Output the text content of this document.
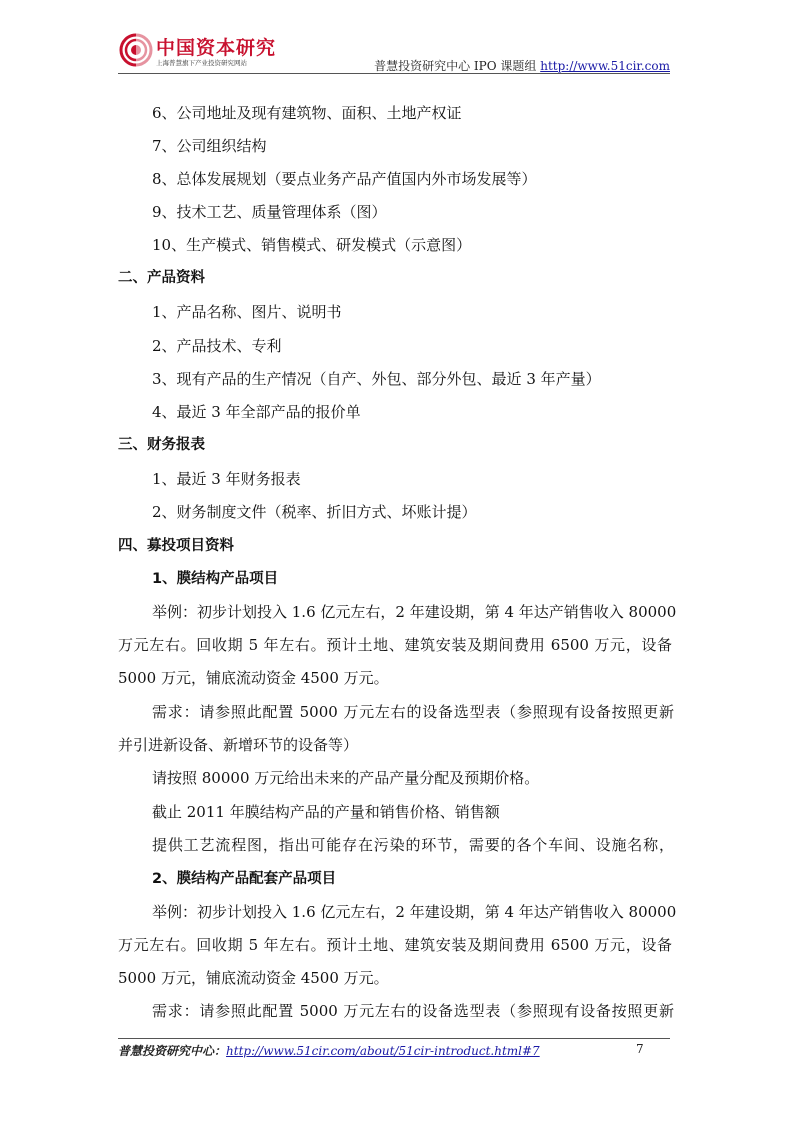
中国资本研究
上海普慧旗下产业投资研究网站	普慧投资研究中心 IPO 课题组 http://www.51cir.com
6、公司地址及现有建筑物、面积、土地产权证
7、公司组织结构
8、总体发展规划（要点业务产品产值国内外市场发展等）
9、技术工艺、质量管理体系（图）
10、生产模式、销售模式、研发模式（示意图）
二、产品资料
1、产品名称、图片、说明书
2、产品技术、专利
3、现有产品的生产情况（自产、外包、部分外包、最近 3 年产量）
4、最近 3 年全部产品的报价单
三、财务报表
1、最近 3 年财务报表
2、财务制度文件（税率、折旧方式、坏账计提）
四、募投项目资料
1、膜结构产品项目
举例：初步计划投入 1.6 亿元左右，2 年建设期，第 4 年达产销售收入 80000
万元左右。回收期 5 年左右。预计土地、建筑安装及期间费用 6500 万元，设备
5000 万元，铺底流动资金 4500 万元。
需求：请参照此配置 5000 万元左右的设备选型表（参照现有设备按照更新
并引进新设备、新增环节的设备等）
请按照 80000 万元给出未来的产品产量分配及预期价格。
截止 2011 年膜结构产品的产量和销售价格、销售额
提供工艺流程图，指出可能存在污染的环节，需要的各个车间、设施名称，
2、膜结构产品配套产品项目
举例：初步计划投入 1.6 亿元左右，2 年建设期，第 4 年达产销售收入 80000
万元左右。回收期 5 年左右。预计土地、建筑安装及期间费用 6500 万元，设备
5000 万元，铺底流动资金 4500 万元。
需求：请参照此配置 5000 万元左右的设备选型表（参照现有设备按照更新
普慧投资研究中心：http://www.51cir.com/about/51cir-introduct.html#7	7
